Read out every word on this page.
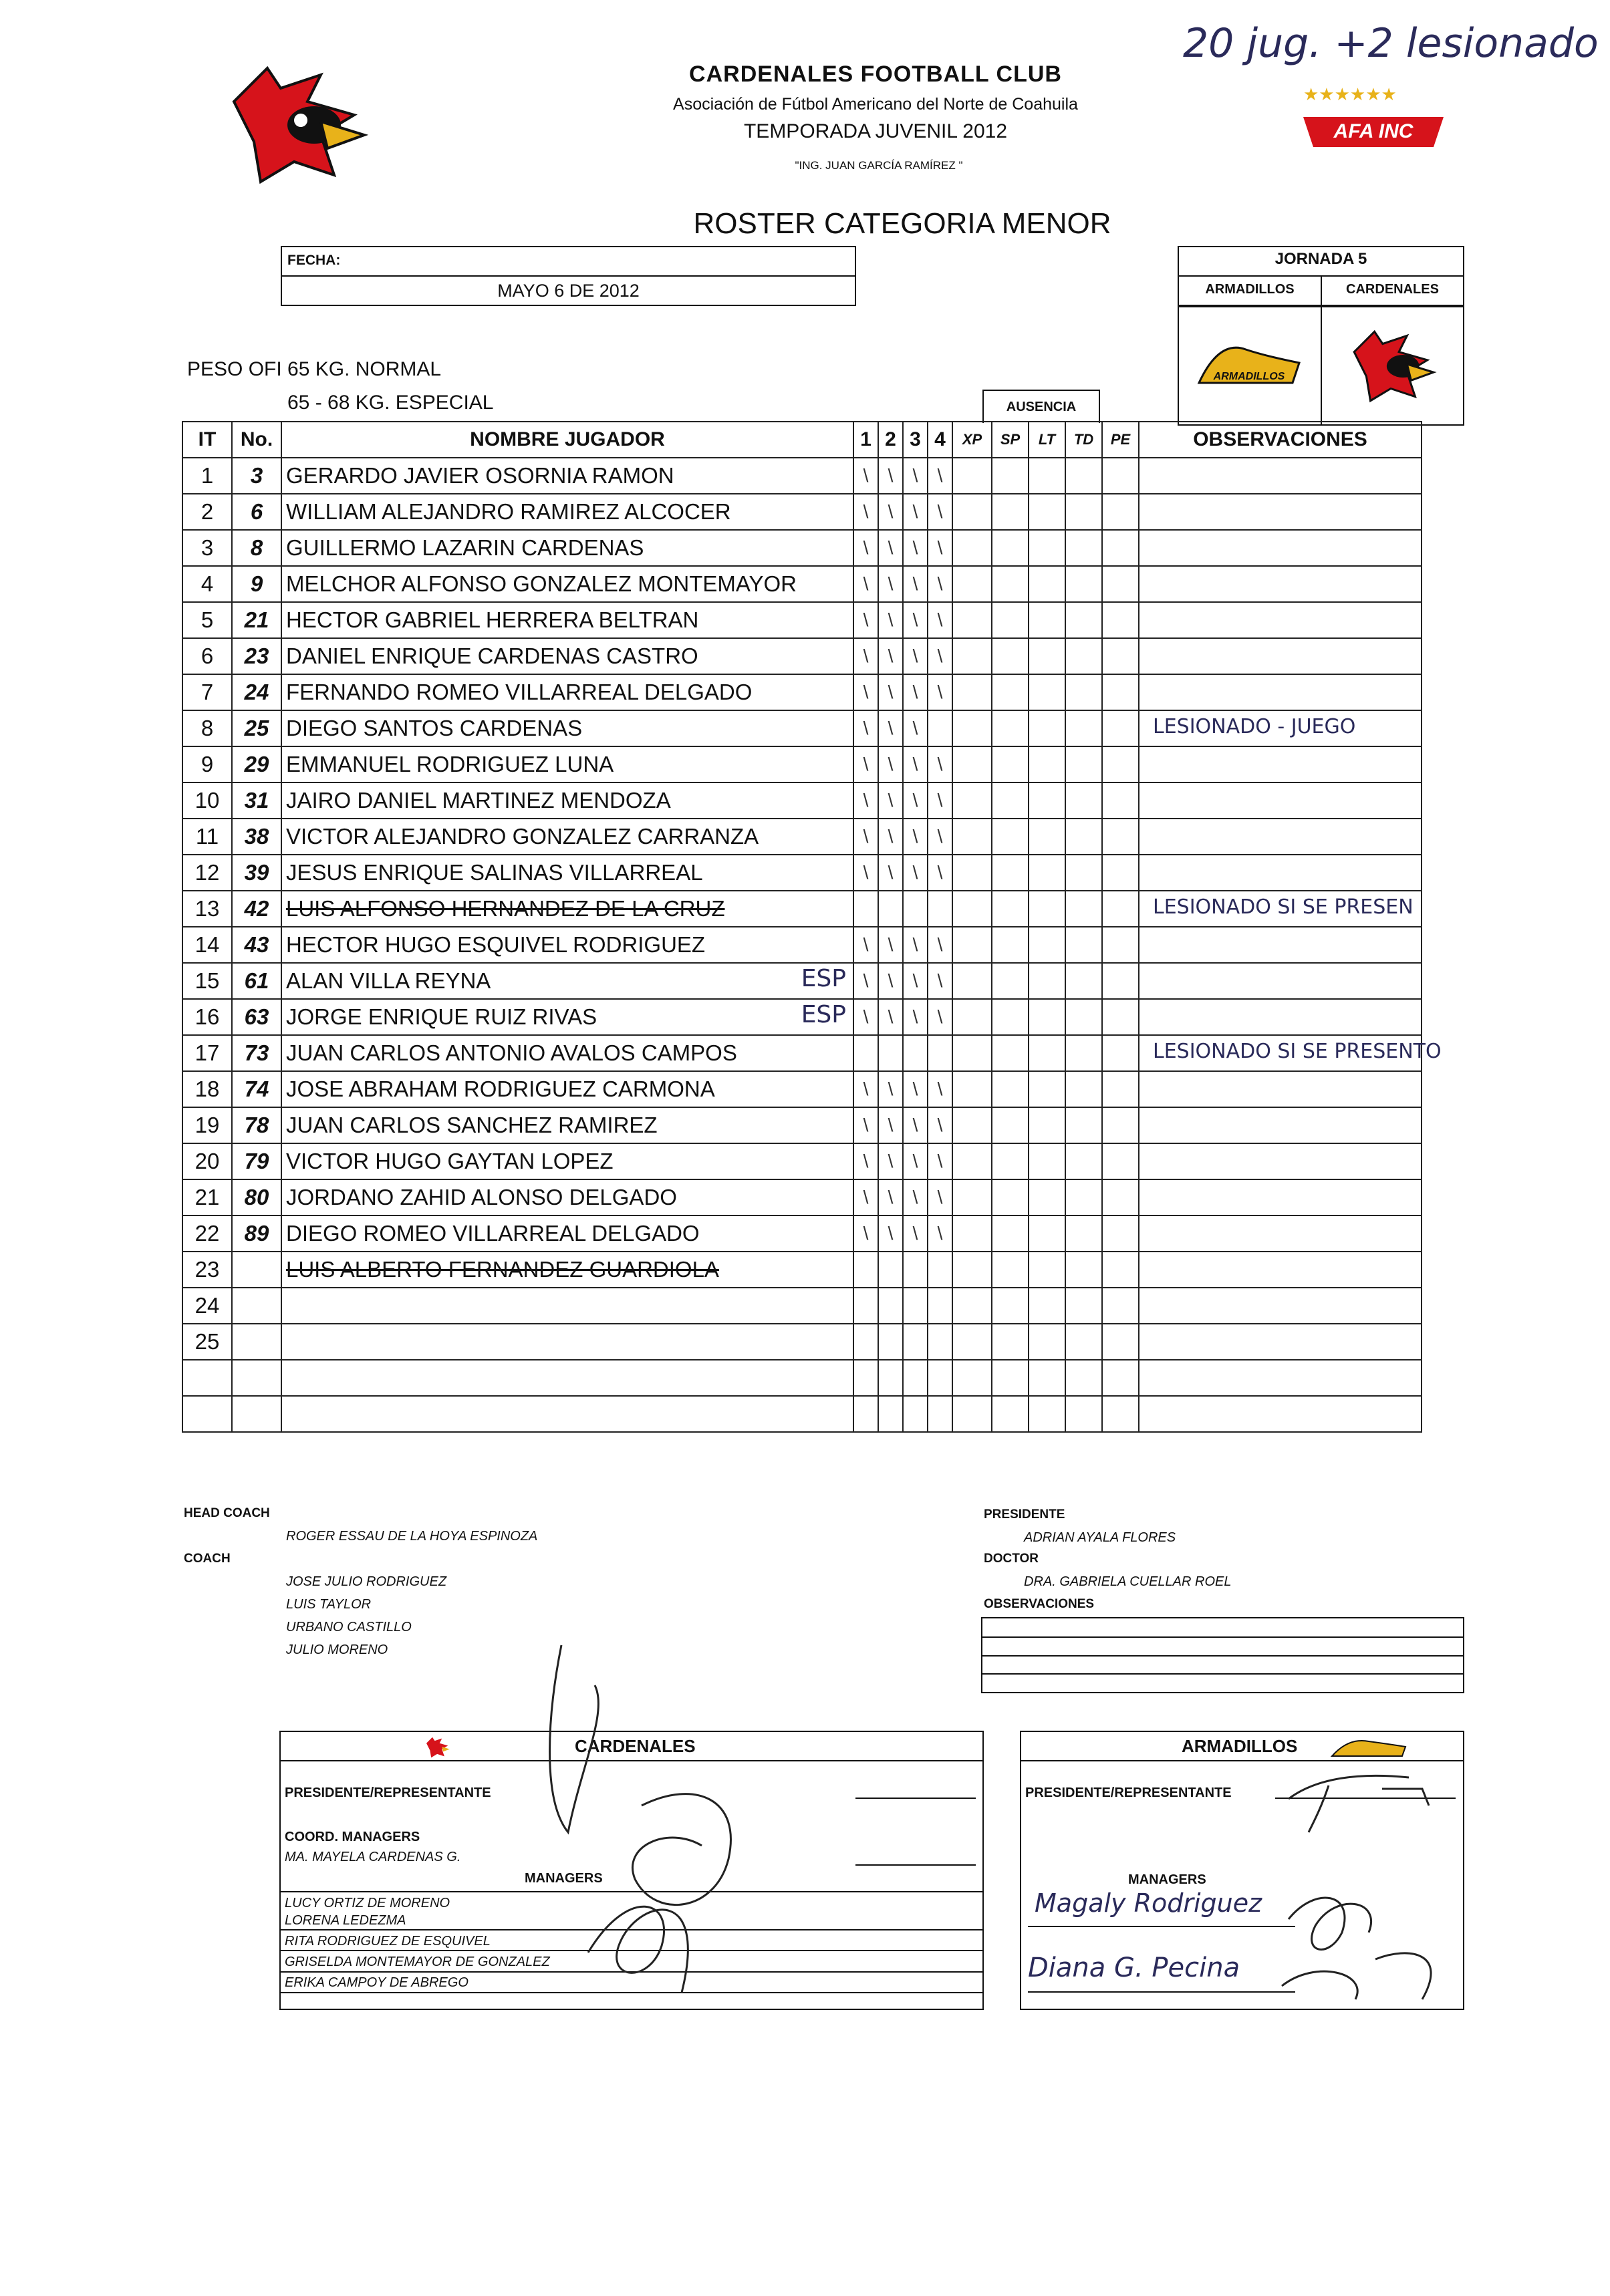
CARDENALES FOOTBALL CLUB
Asociación de Fútbol Americano del Norte de Coahuila
TEMPORADA JUVENIL 2012
"ING. JUAN GARCÍA RAMÍREZ "
20 jug. +2 lesionado
★★★★★★
AFA INC
ROSTER CATEGORIA MENOR
FECHA:
MAYO 6 DE 2012
JORNADA 5
ARMADILLOS	CARDENALES
ARMADILLOS
PESO OFI 65 KG. NORMAL
65 - 68 KG. ESPECIAL	AUSENCIA
IT	No.	NOMBRE JUGADOR	1	2	3	4	XP	SP	LT	TD	PE	OBSERVACIONES
1	3	GERARDO JAVIER OSORNIA RAMON	\	\	\	\						
2	6	WILLIAM ALEJANDRO RAMIREZ ALCOCER	\	\	\	\						
3	8	GUILLERMO LAZARIN CARDENAS	\	\	\	\						
4	9	MELCHOR ALFONSO GONZALEZ MONTEMAYOR	\	\	\	\						
5	21	HECTOR GABRIEL HERRERA BELTRAN	\	\	\	\						
6	23	DANIEL ENRIQUE CARDENAS CASTRO	\	\	\	\						
7	24	FERNANDO ROMEO VILLARREAL DELGADO	\	\	\	\						
8	25	DIEGO SANTOS CARDENAS	\	\	\							LESIONADO - JUEGO

9	29	EMMANUEL RODRIGUEZ LUNA	\	\	\	\						
10	31	JAIRO DANIEL MARTINEZ MENDOZA	\	\	\	\						
11	38	VICTOR ALEJANDRO GONZALEZ CARRANZA	\	\	\	\						
12	39	JESUS ENRIQUE SALINAS VILLARREAL	\	\	\	\						
13	42	LUIS ALFONSO HERNANDEZ DE LA CRUZ										LESIONADO SI SE PRESEN

14	43	HECTOR HUGO ESQUIVEL RODRIGUEZ	\	\	\	\						
15	61	ALAN VILLA REYNA ESP	\	\	\	\						
16	63	JORGE ENRIQUE RUIZ RIVAS ESP	\	\	\	\						
17	73	JUAN CARLOS ANTONIO AVALOS CAMPOS										LESIONADO SI SE PRESENTO

18	74	JOSE ABRAHAM RODRIGUEZ CARMONA	\	\	\	\						
19	78	JUAN CARLOS SANCHEZ RAMIREZ	\	\	\	\						
20	79	VICTOR HUGO GAYTAN LOPEZ	\	\	\	\						
21	80	JORDANO ZAHID ALONSO DELGADO	\	\	\	\						
22	89	DIEGO ROMEO VILLARREAL DELGADO	\	\	\	\						
23		LUIS ALBERTO FERNANDEZ GUARDIOLA										
24												
25												

HEAD COACH
ROGER ESSAU DE LA HOYA ESPINOZA
COACH
JOSE JULIO RODRIGUEZ
LUIS TAYLOR
URBANO CASTILLO
JULIO MORENO
PRESIDENTE
ADRIAN AYALA FLORES
DOCTOR
DRA. GABRIELA CUELLAR ROEL
OBSERVACIONES
CARDENALES
PRESIDENTE/REPRESENTANTE
COORD. MANAGERS
MA. MAYELA CARDENAS G.
MANAGERS
LUCY ORTIZ DE MORENO
LORENA LEDEZMA
RITA RODRIGUEZ DE ESQUIVEL
GRISELDA MONTEMAYOR DE GONZALEZ
ERIKA CAMPOY DE ABREGO
ARMADILLOS
PRESIDENTE/REPRESENTANTE
MANAGERS
Magaly Rodriguez
Diana G. Pecina
